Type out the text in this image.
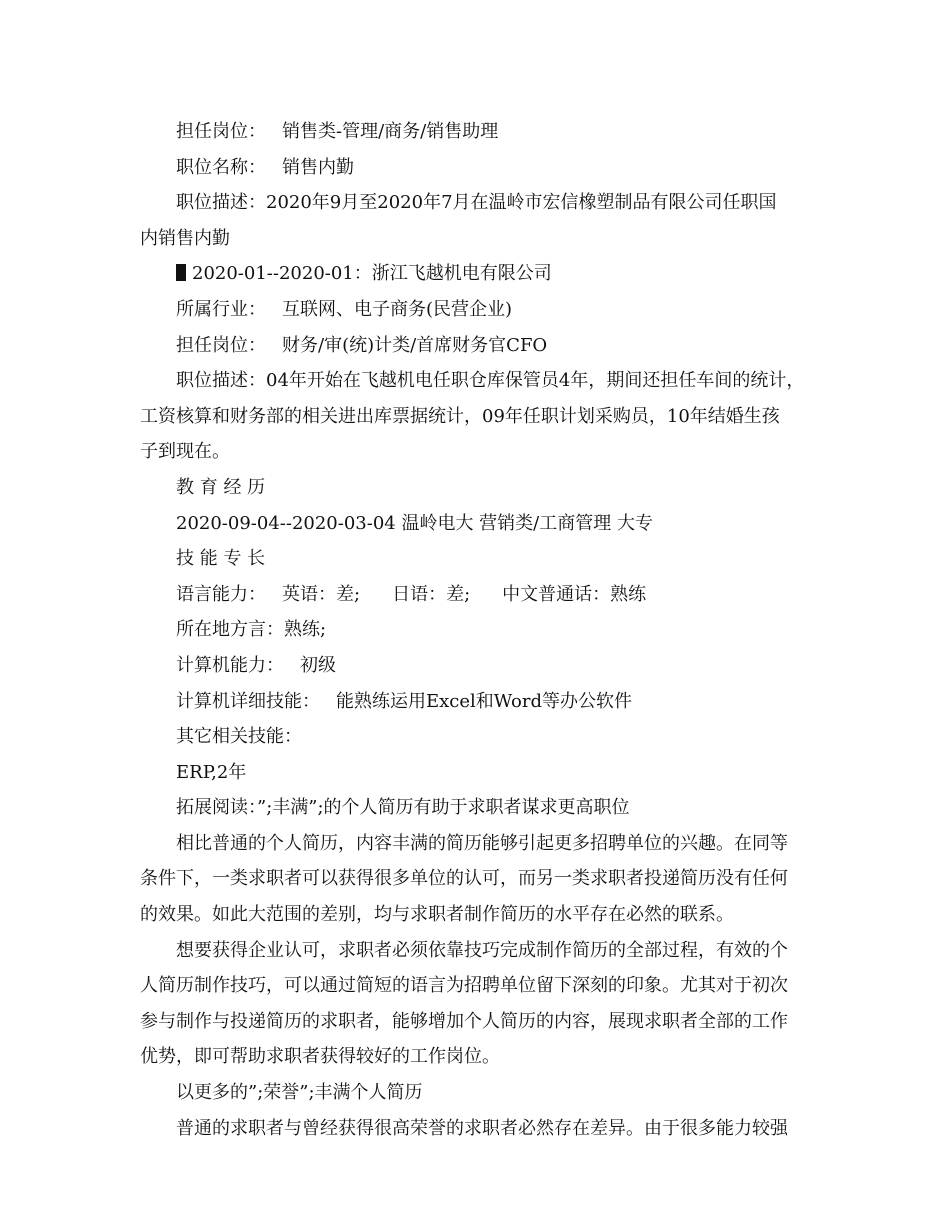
担任岗位： 销售类-管理/商务/销售助理
职位名称： 销售内勤
职位描述：2020年9月至2020年7月在温岭市宏信橡塑制品有限公司任职国
内销售内勤
2020-01--2020-01：浙江飞越机电有限公司
所属行业： 互联网、电子商务(民营企业)
担任岗位： 财务/审(统)计类/首席财务官CFO
职位描述：04年开始在飞越机电任职仓库保管员4年，期间还担任车间的统计，
工资核算和财务部的相关进出库票据统计，09年任职计划采购员，10年结婚生孩
子到现在。
教 育 经 历
2020-09-04--2020-03-04 温岭电大 营销类/工商管理 大专
技 能 专 长
语言能力： 英语：差; 日语：差; 中文普通话：熟练
所在地方言：熟练;
计算机能力： 初级
计算机详细技能： 能熟练运用Excel和Word等办公软件
其它相关技能：
ERP,2年
拓展阅读：”;丰满”;的个人简历有助于求职者谋求更高职位
相比普通的个人简历，内容丰满的简历能够引起更多招聘单位的兴趣。在同等
条件下，一类求职者可以获得很多单位的认可，而另一类求职者投递简历没有任何
的效果。如此大范围的差别，均与求职者制作简历的水平存在必然的联系。
想要获得企业认可，求职者必须依靠技巧完成制作简历的全部过程，有效的个
人简历制作技巧，可以通过简短的语言为招聘单位留下深刻的印象。尤其对于初次
参与制作与投递简历的求职者，能够增加个人简历的内容，展现求职者全部的工作
优势，即可帮助求职者获得较好的工作岗位。
以更多的”;荣誉”;丰满个人简历
普通的求职者与曾经获得很高荣誉的求职者必然存在差异。由于很多能力较强
